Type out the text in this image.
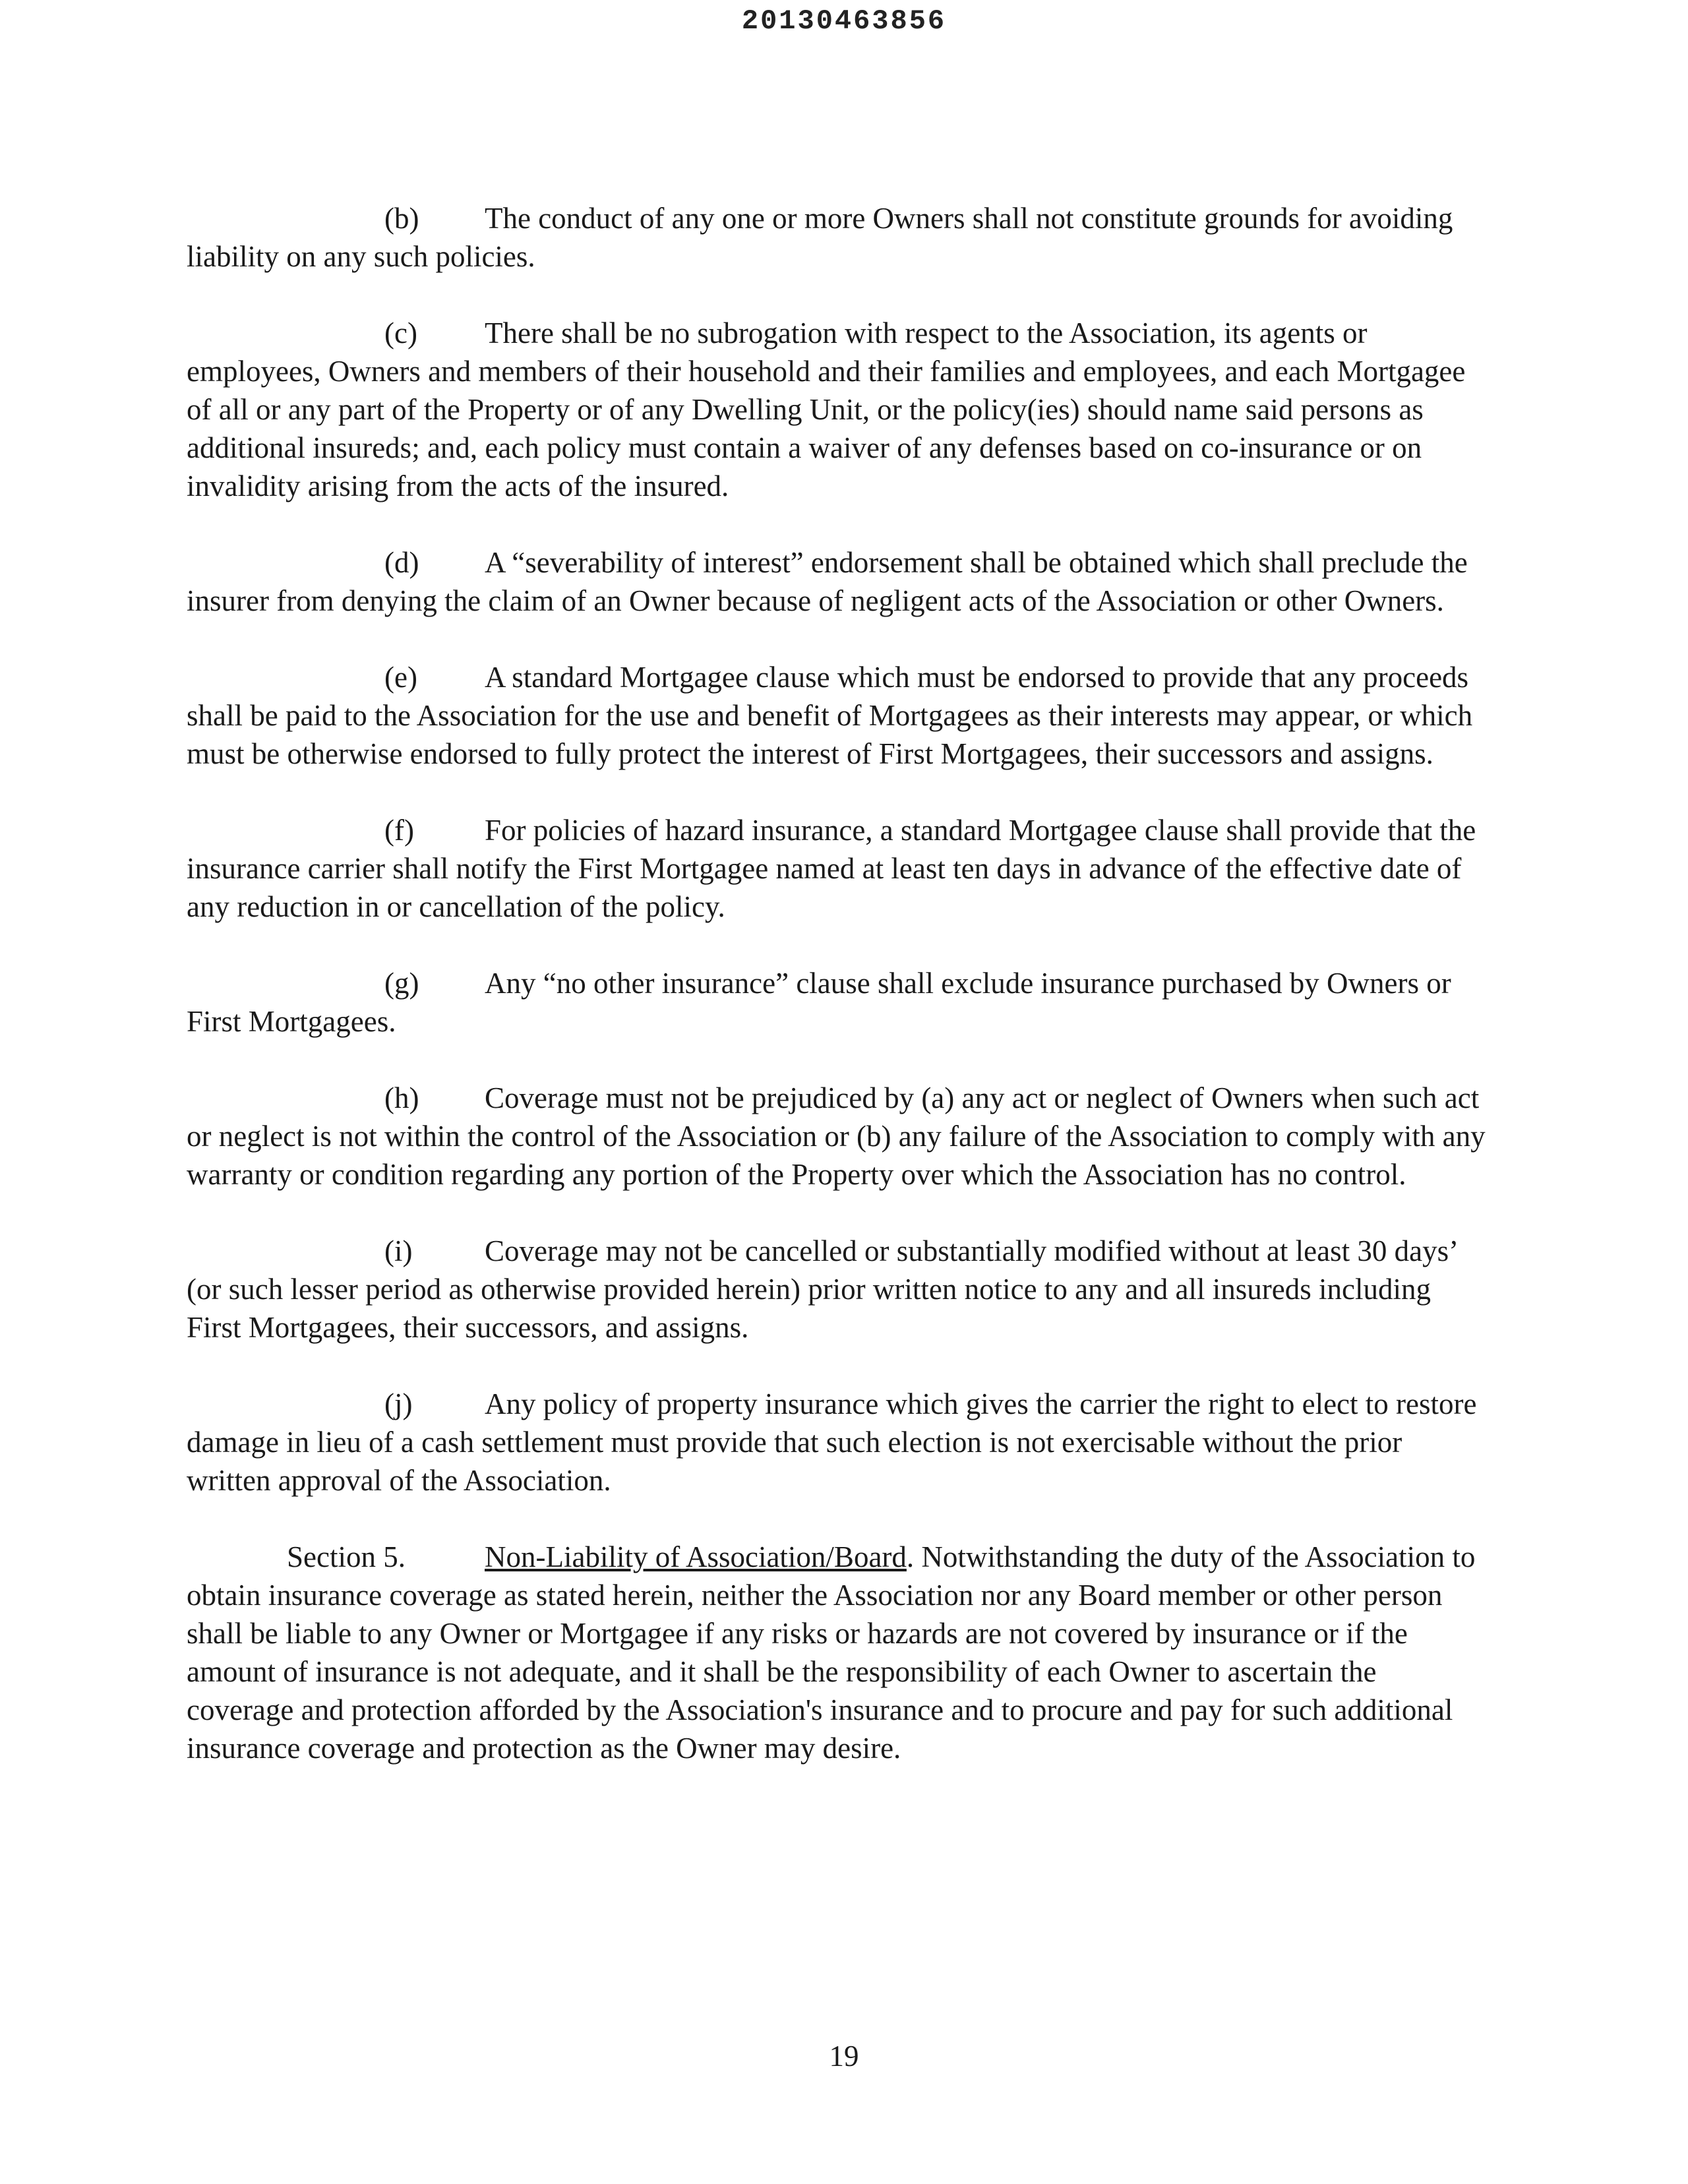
20130463856

(b) The conduct of any one or more Owners shall not constitute grounds for avoiding liability on any such policies.

(c) There shall be no subrogation with respect to the Association, its agents or employees, Owners and members of their household and their families and employees, and each Mortgagee of all or any part of the Property or of any Dwelling Unit, or the policy(ies) should name said persons as additional insureds; and, each policy must contain a waiver of any defenses based on co-insurance or on invalidity arising from the acts of the insured.

(d) A “severability of interest” endorsement shall be obtained which shall preclude the insurer from denying the claim of an Owner because of negligent acts of the Association or other Owners.

(e) A standard Mortgagee clause which must be endorsed to provide that any proceeds shall be paid to the Association for the use and benefit of Mortgagees as their interests may appear, or which must be otherwise endorsed to fully protect the interest of First Mortgagees, their successors and assigns.

(f) For policies of hazard insurance, a standard Mortgagee clause shall provide that the insurance carrier shall notify the First Mortgagee named at least ten days in advance of the effective date of any reduction in or cancellation of the policy.

(g) Any “no other insurance” clause shall exclude insurance purchased by Owners or First Mortgagees.

(h) Coverage must not be prejudiced by (a) any act or neglect of Owners when such act or neglect is not within the control of the Association or (b) any failure of the Association to comply with any warranty or condition regarding any portion of the Property over which the Association has no control.

(i) Coverage may not be cancelled or substantially modified without at least 30 days’ (or such lesser period as otherwise provided herein) prior written notice to any and all insureds including First Mortgagees, their successors, and assigns.

(j) Any policy of property insurance which gives the carrier the right to elect to restore damage in lieu of a cash settlement must provide that such election is not exercisable without the prior written approval of the Association.

Section 5.	Non-Liability of Association/Board. Notwithstanding the duty of the Association to obtain insurance coverage as stated herein, neither the Association nor any Board member or other person shall be liable to any Owner or Mortgagee if any risks or hazards are not covered by insurance or if the amount of insurance is not adequate, and it shall be the responsibility of each Owner to ascertain the coverage and protection afforded by the Association's insurance and to procure and pay for such additional insurance coverage and protection as the Owner may desire.

19
